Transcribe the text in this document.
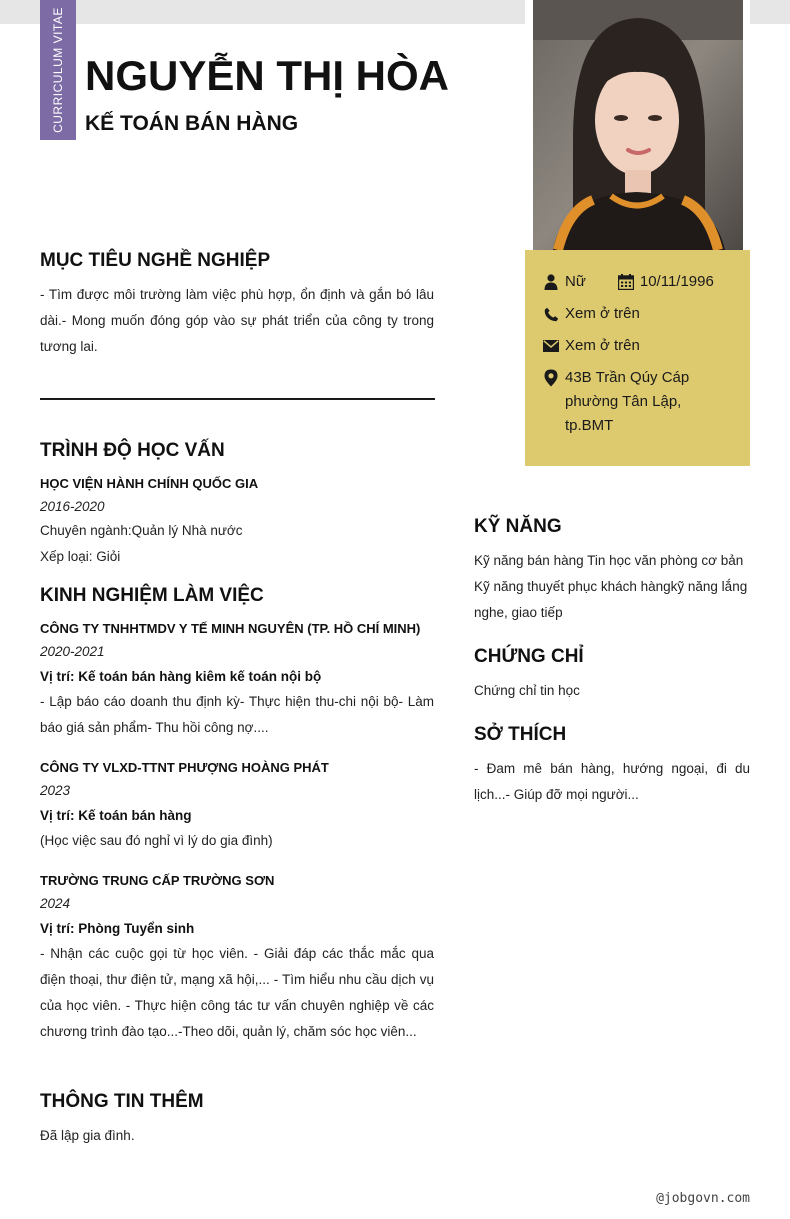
CURRICULUM VITAE NGUYỄN THỊ HÒA
KẾ TOÁN BÁN HÀNG
Nữ	10/11/1996
Xem ở trên
Xem ở trên
43B Trần Qúy Cáp phường Tân Lập, tp.BMT
MỤC TIÊU NGHỀ NGHIỆP
- Tìm được môi trường làm việc phù hợp, ổn định và gắn bó lâu dài.- Mong muốn đóng góp vào sự phát triển của công ty trong tương lai.
TRÌNH ĐỘ HỌC VẤN
HỌC VIỆN HÀNH CHÍNH QUỐC GIA
2016-2020
Chuyên ngành:Quản lý Nhà nước
Xếp loại: Giỏi
KINH NGHIỆM LÀM VIỆC
CÔNG TY TNHHTMDV Y TẾ MINH NGUYÊN (TP. HỒ CHÍ MINH)
2020-2021
Vị trí: Kế toán bán hàng kiêm kế toán nội bộ
- Lập báo cáo doanh thu định kỳ- Thực hiện thu-chi nội bộ- Làm báo giá sản phẩm- Thu hồi công nợ....
CÔNG TY VLXD-TTNT PHƯỢNG HOÀNG PHÁT
2023
Vị trí: Kế toán bán hàng
(Học việc sau đó nghỉ vì lý do gia đình)
TRƯỜNG TRUNG CẤP TRƯỜNG SƠN
2024
Vị trí: Phòng Tuyển sinh
- Nhận các cuộc gọi từ học viên. - Giải đáp các thắc mắc qua điện thoại, thư điện tử, mạng xã hội,... - Tìm hiểu nhu cầu dịch vụ của học viên. - Thực hiện công tác tư vấn chuyên nghiệp về các chương trình đào tạo...-Theo dõi, quản lý, chăm sóc học viên...
THÔNG TIN THÊM
Đã lập gia đình.
KỸ NĂNG
Kỹ năng bán hàng Tin học văn phòng cơ bản Kỹ năng thuyết phục khách hàngkỹ năng lắng nghe, giao tiếp
CHỨNG CHỈ
Chứng chỉ tin học
SỞ THÍCH
- Đam mê bán hàng, hướng ngoại, đi du lịch...- Giúp đỡ mọi người...
@jobgovn.com
